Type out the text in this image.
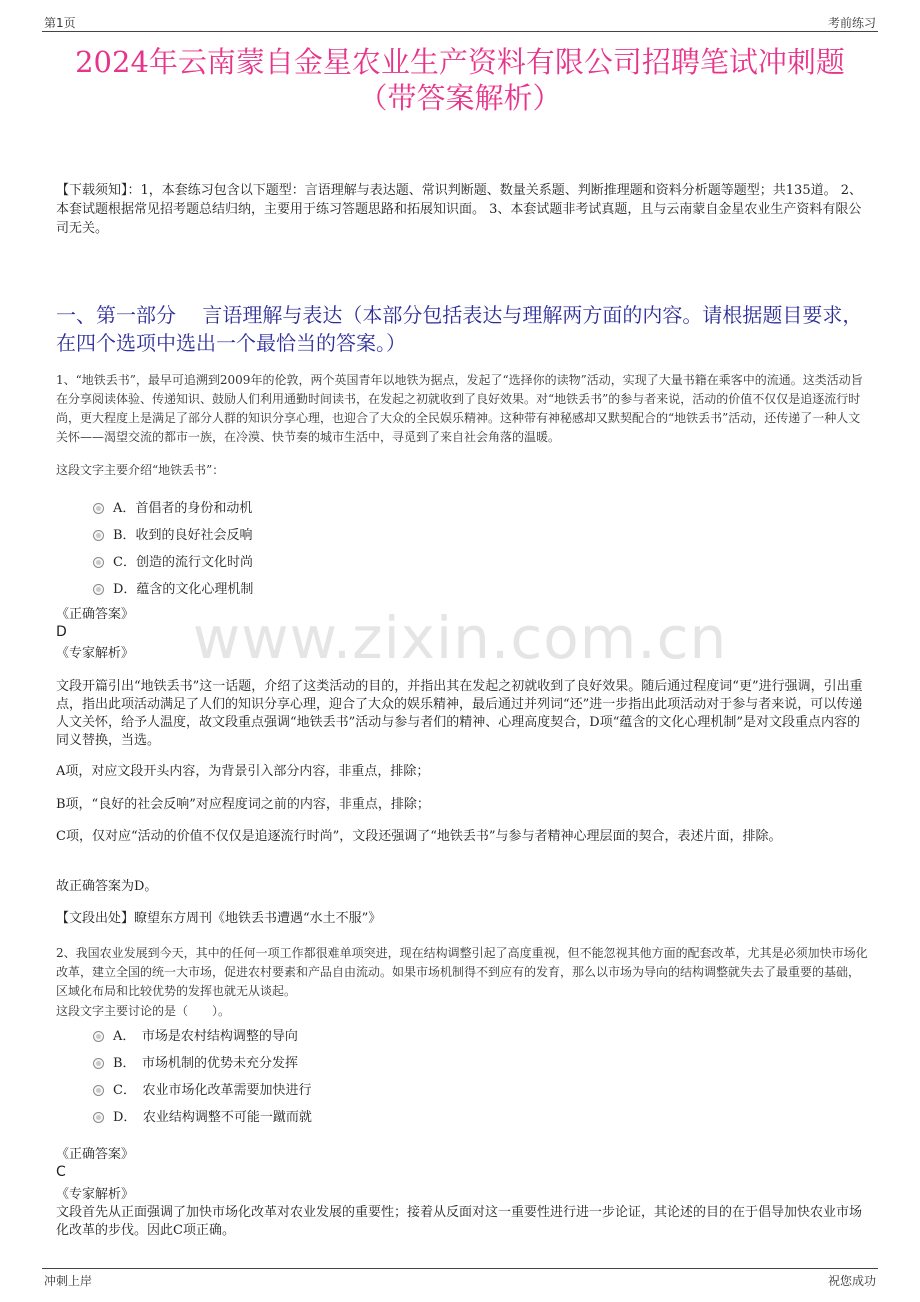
第1页	考前练习
2024年云南蒙自金星农业生产资料有限公司招聘笔试冲刺题
（带答案解析）
【下载须知】：1，本套练习包含以下题型：言语理解与表达题、常识判断题、数量关系题、判断推理题和资料分析题等题型；共135道。 2、本套试题根据常见招考题总结归纳，主要用于练习答题思路和拓展知识面。 3、本套试题非考试真题，且与云南蒙自金星农业生产资料有限公司无关。
一、第一部分　 言语理解与表达（本部分包括表达与理解两方面的内容。请根据题目要求，在四个选项中选出一个最恰当的答案。）
www.zixin.com.cn
1、“地铁丢书”，最早可追溯到2009年的伦敦，两个英国青年以地铁为据点，发起了“选择你的读物”活动，实现了大量书籍在乘客中的流通。这类活动旨在分享阅读体验、传递知识、鼓励人们利用通勤时间读书，在发起之初就收到了良好效果。对“地铁丢书”的参与者来说，活动的价值不仅仅是追逐流行时尚，更大程度上是满足了部分人群的知识分享心理，也迎合了大众的全民娱乐精神。这种带有神秘感却又默契配合的“地铁丢书”活动，还传递了一种人文关怀——渴望交流的都市一族，在冷漠、快节奏的城市生活中，寻觅到了来自社会角落的温暖。
这段文字主要介绍“地铁丢书”：
A．首倡者的身份和动机
B．收到的良好社会反响
C．创造的流行文化时尚
D．蕴含的文化心理机制
《正确答案》
D
《专家解析》
文段开篇引出“地铁丢书”这一话题，介绍了这类活动的目的，并指出其在发起之初就收到了良好效果。随后通过程度词“更”进行强调，引出重点，指出此项活动满足了人们的知识分享心理，迎合了大众的娱乐精神，最后通过并列词“还”进一步指出此项活动对于参与者来说，可以传递人文关怀，给予人温度，故文段重点强调“地铁丢书”活动与参与者们的精神、心理高度契合，D项“蕴含的文化心理机制”是对文段重点内容的同义替换，当选。
A项，对应文段开头内容，为背景引入部分内容，非重点，排除；
B项，“良好的社会反响”对应程度词之前的内容，非重点，排除；
C项，仅对应“活动的价值不仅仅是追逐流行时尚”，文段还强调了“地铁丢书”与参与者精神心理层面的契合，表述片面，排除。
故正确答案为D。
【文段出处】瞭望东方周刊《地铁丢书遭遇“水土不服”》
2、我国农业发展到今天，其中的任何一项工作都很难单项突进，现在结构调整引起了高度重视，但不能忽视其他方面的配套改革，尤其是必须加快市场化改革，建立全国的统一大市场，促进农村要素和产品自由流动。如果市场机制得不到应有的发育，那么以市场为导向的结构调整就失去了最重要的基础，区域化布局和比较优势的发挥也就无从谈起。
这段文字主要讨论的是（　　）。
A．　市场是农村结构调整的导向
B．　市场机制的优势未充分发挥
C．　农业市场化改革需要加快进行
D．　农业结构调整不可能一蹴而就
《正确答案》
C
《专家解析》
文段首先从正面强调了加快市场化改革对农业发展的重要性；接着从反面对这一重要性进行进一步论证，其论述的目的在于倡导加快农业市场化改革的步伐。因此C项正确。
冲刺上岸	祝您成功
